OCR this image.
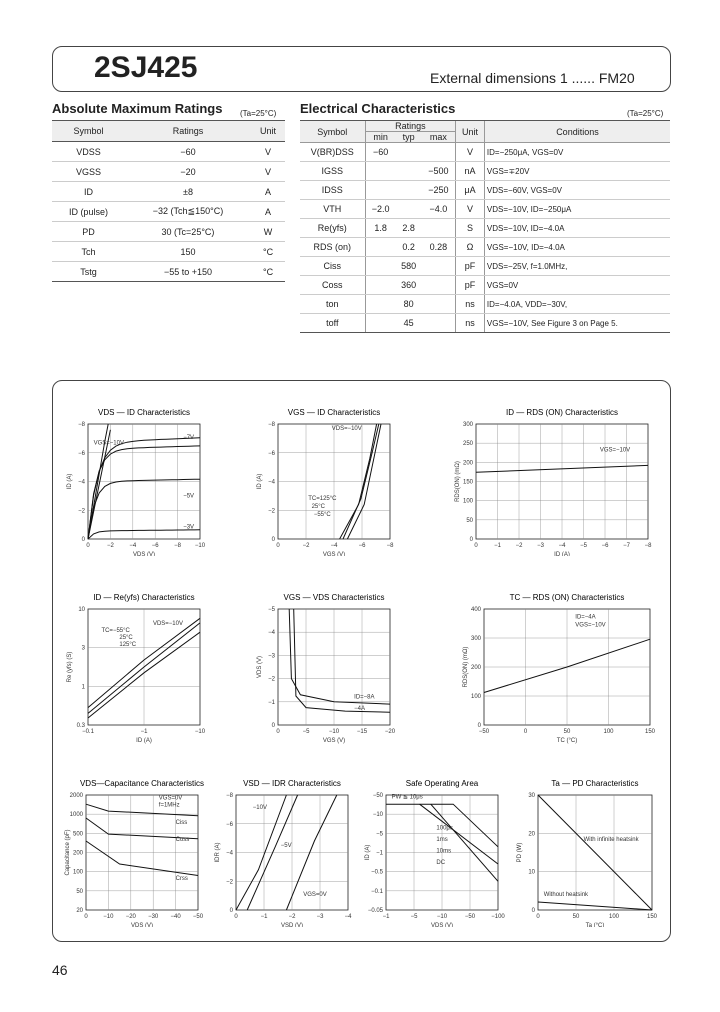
2SJ425	External dimensions 1 ...... FM20
Absolute Maximum Ratings (Ta=25°C)
Symbol	Ratings	Unit
VDSS	−60	V
VGSS	−20	V
ID	±8	A
ID (pulse)	−32 (Tch≦150°C)	A
PD	30 (Tc=25°C)	W
Tch	150	°C
Tstg	−55 to +150	°C
Electrical Characteristics	(Ta=25°C)
Symbol	Ratings			Unit	Conditions
	min	typ	max		
V(BR)DSS	−60			V	ID=−250μA, VGS=0V
IGSS			−500	nA	VGS=∓20V
IDSS			−250	μA	VDS=−60V, VGS=0V
VTH	−2.0		−4.0	V	VDS=−10V, ID=−250μA
Re(yfs)	1.8	2.8		S	VDS=−10V, ID=−4.0A
RDS (on)		0.2	0.28	Ω	VGS=−10V, ID=−4.0A
Ciss		580		pF	VDS=−25V, f=1.0MHz,
Coss		360		pF	VGS=0V
ton		80		ns	ID=−4.0A, VDD=−30V,
toff		45		ns	VGS=−10V, See Figure 3 on Page 5.
VDS — ID Characteristics
0	−2	−4	−6	−8 −10
0
−2
−4
−6
−8
VDS (V)
ID (A)
VGS=−10V
−7V
−5V
−3V
VGS — ID Characteristics
0	−2	−4	−6	−8
0
−2
−4
−6
−8
VGS (V)
ID (A)
VDS=−10V
TC=125°C
25°C
−55°C
ID — RDS (ON) Characteristics
0	−1 −2 −3 −4 −5 −6 −7 −8
0
50
100
150
200
250
300
ID (A)
RDS(ON) (mΩ)
VGS=−10V
ID — Re(yfs) Characteristics
−0.1	−1	−10
0.3
1
3
10
ID (A)
Re (yfs) (S)
VDS=−10V
TC=−55°C
25°C
125°C
VGS — VDS Characteristics
0	−5	−10	−15	−20
0
−1
−2
−3
−4
−5
VGS (V)
VDS (V)
ID=−8A
−4A
TC — RDS (ON) Characteristics
−50	0	50	100	150
0
100
200
300
400
TC (°C)
RDS(ON) (mΩ)
ID=−4A
VGS=−10V
VDS—Capacitance Characteristics
0	−10 −20 −30 −40 −50
20
50
100
200
500
1000
2000
VDS (V)
Capacitance (pF)
VGS=0V
f=1MHz
Ciss
Coss
Crss
VSD — IDR Characteristics
0	−1	−2	−3	−4
0
−2
−4
−6
−8
VSD (V)
IDR (A)
−10V
−5V
VGS=0V
Safe Operating Area
−1	−5	−10	−50	−100
−0.05
−0.1
−0.5
−1
−5
−10
−50
VDS (V)
ID (A)
PW ≦ 10μs
100μs
1ms
10ms
DC
Ta — PD Characteristics
0	50	100	150
0
10
20
30
Ta (°C)
PD (W)
With infinite heatsink
Without heatsink
46
